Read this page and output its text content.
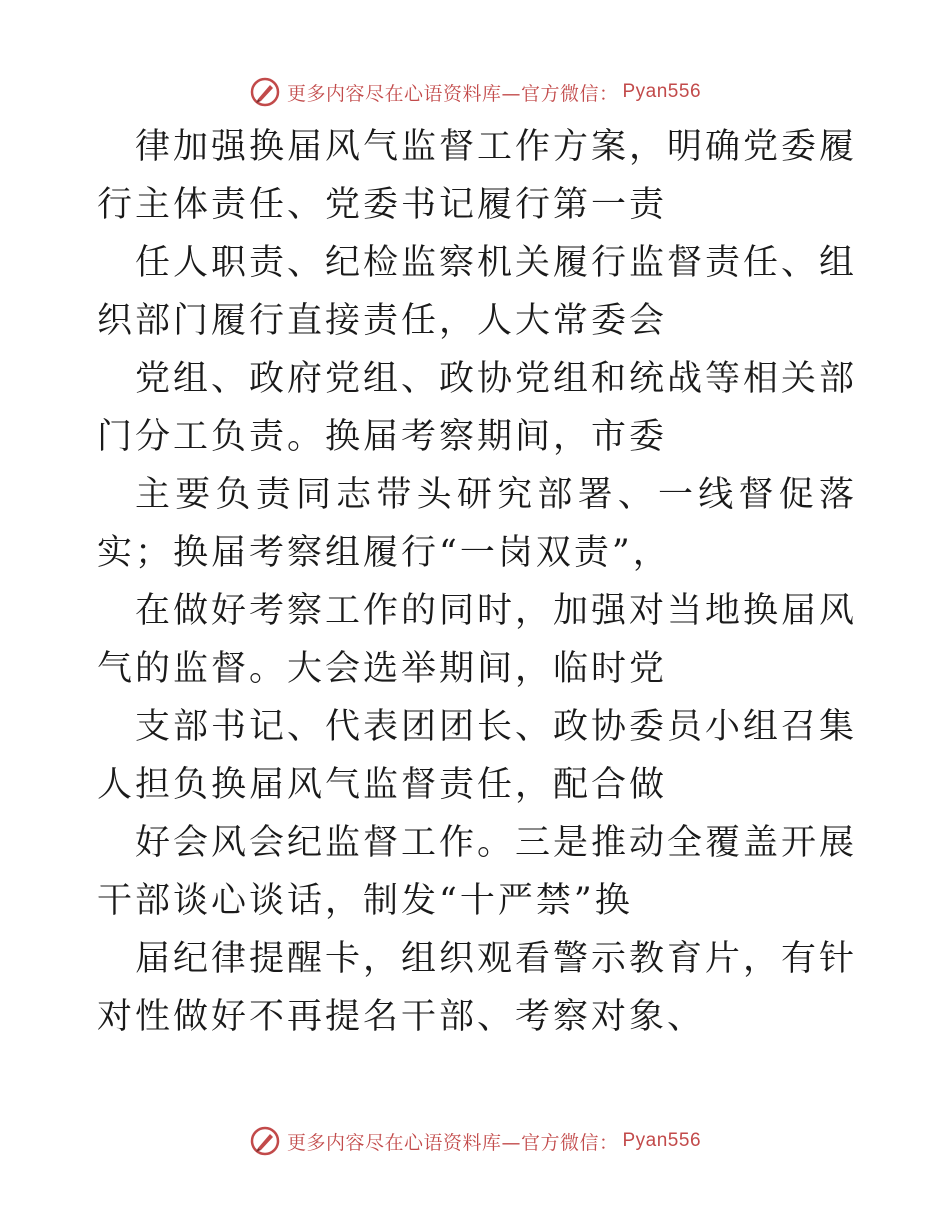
更多内容尽在心语资料库—官方微信： Pyan556

律加强换届风气监督工作方案，明确党委履行主体责任、党委书记履行第一责

任人职责、纪检监察机关履行监督责任、组织部门履行直接责任，人大常委会

党组、政府党组、政协党组和统战等相关部门分工负责。换届考察期间，市委

主要负责同志带头研究部署、一线督促落实；换届考察组履行“一岗双责”，

在做好考察工作的同时，加强对当地换届风气的监督。大会选举期间，临时党

支部书记、代表团团长、政协委员小组召集人担负换届风气监督责任，配合做

好会风会纪监督工作。三是推动全覆盖开展干部谈心谈话，制发“十严禁”换

届纪律提醒卡，组织观看警示教育片，有针对性做好不再提名干部、考察对象、

更多内容尽在心语资料库—官方微信： Pyan556
